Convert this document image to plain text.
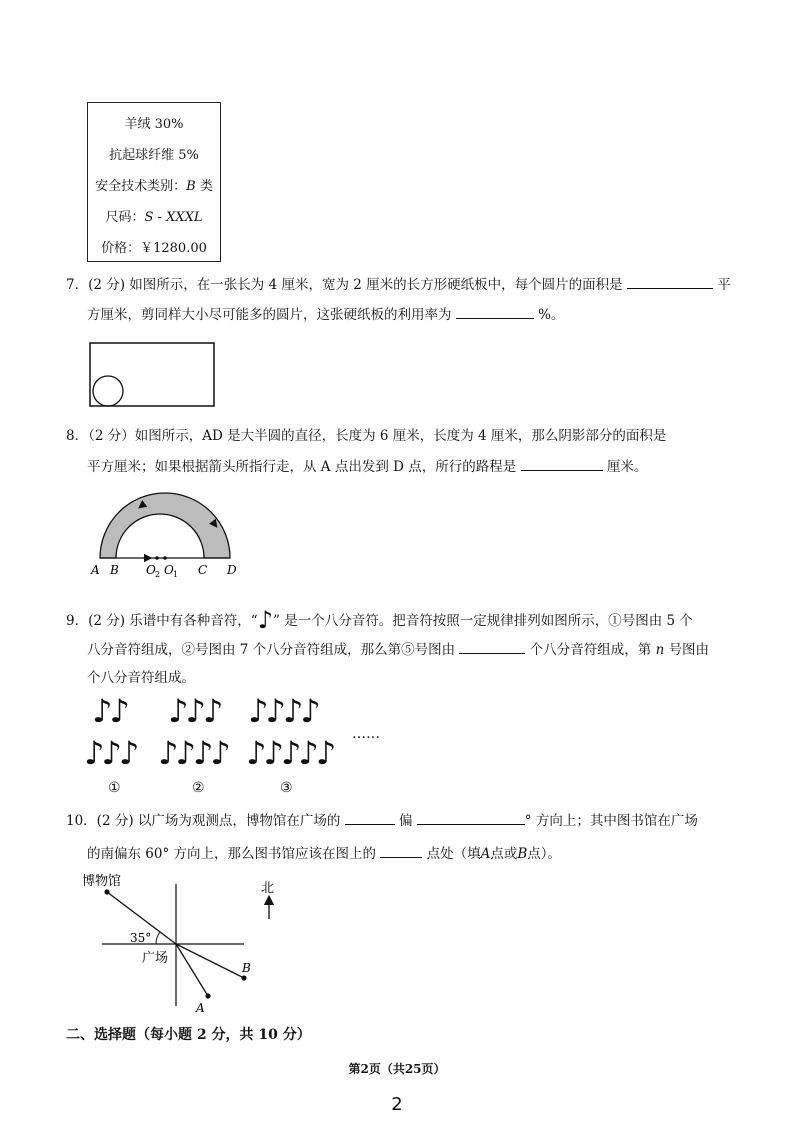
羊绒 30%
抗起球纤维 5%
安全技术类别：B 类
尺码：S - XXXL
价格：￥1280.00
7．(2 分) 如图所示，在一张长为 4 厘米，宽为 2 厘米的长方形硬纸板中，每个圆片的面积是	平
方厘米，剪同样大小尽可能多的圆片，这张硬纸板的利用率为	%。
8．（2 分）如图所示，AD 是大半圆的直径，长度为 6 厘米，长度为 4 厘米，那么阴影部分的面积是
平方厘米；如果根据箭头所指行走，从 A 点出发到 D 点，所行的路程是	厘米。
A B O 2 O 1 C D
9．(2 分) 乐谱中有各种音符，“♪” 是一个八分音符。把音符按照一定规律排列如图所示，①号图由 5 个
八分音符组成，②号图由 7 个八分音符组成，那么第⑤号图由	个八分音符组成，第 n 号图由
个八分音符组成。
♪♪ ♪♪♪ ♪♪♪♪
♪♪♪ ♪♪♪♪ ♪♪♪♪♪ ……
①	②	③
10．(2 分) 以广场为观测点，博物馆在广场的	偏	° 方向上；其中图书馆在广场
的南偏东 60° 方向上，那么图书馆应该在图上的	点处（填A点或B点）。
博物馆	北
35°
广场
A
B
二、选择题（每小题 2 分，共 10 分）
第2页（共25页）
2
